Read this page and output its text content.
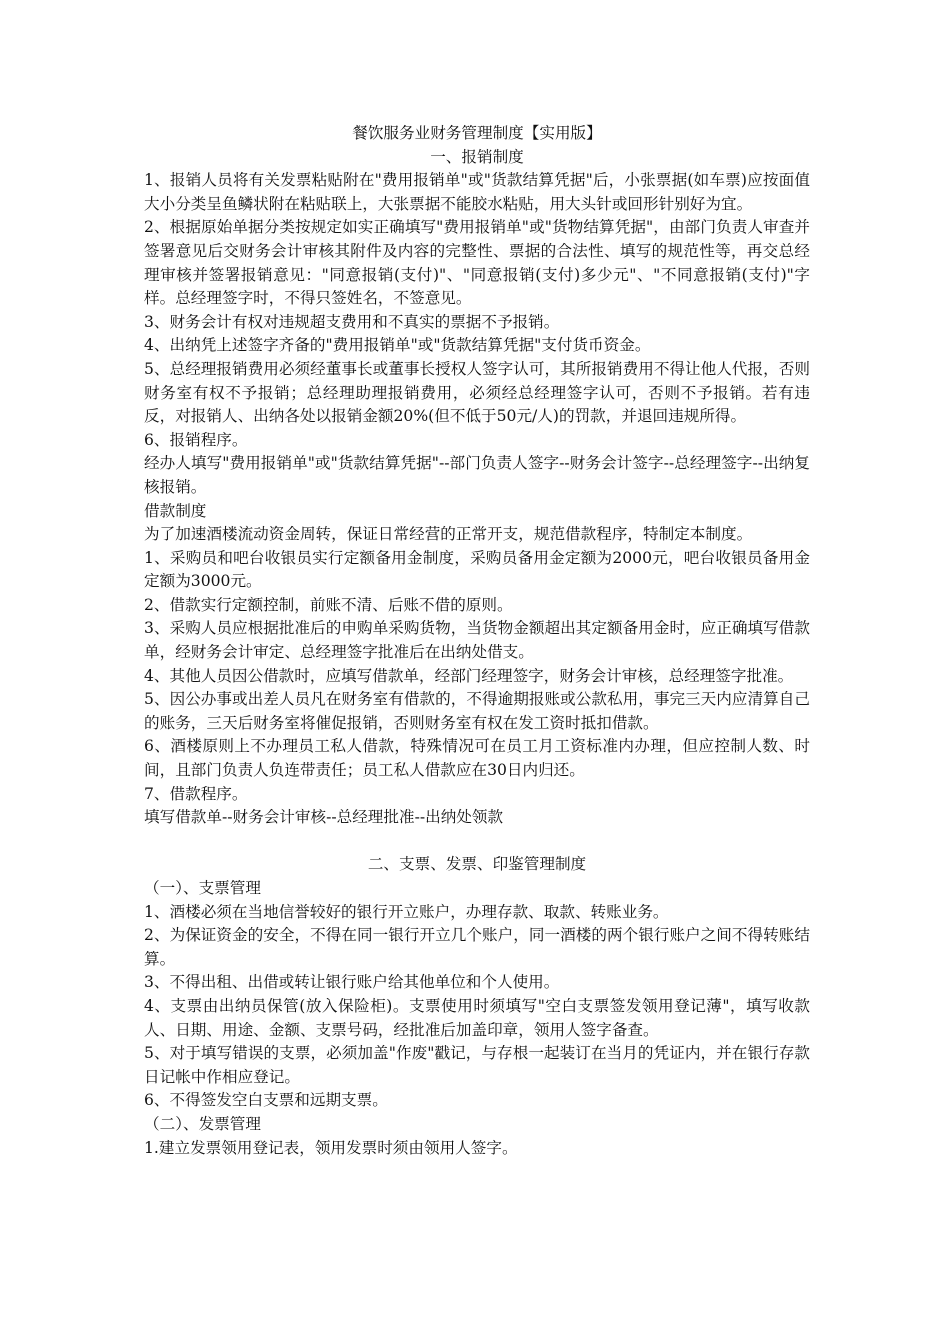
餐饮服务业财务管理制度【实用版】
一、报销制度

1、报销人员将有关发票粘贴附在"费用报销单"或"货款结算凭据"后，小张票据(如车票)应按面值大小分类呈鱼鳞状附在粘贴联上，大张票据不能胶水粘贴，用大头针或回形针别好为宜。

2、根据原始单据分类按规定如实正确填写"费用报销单"或"货物结算凭据"，由部门负责人审查并签署意见后交财务会计审核其附件及内容的完整性、票据的合法性、填写的规范性等，再交总经理审核并签署报销意见："同意报销(支付)"、"同意报销(支付)多少元"、"不同意报销(支付)"字样。总经理签字时，不得只签姓名，不签意见。

3、财务会计有权对违规超支费用和不真实的票据不予报销。

4、出纳凭上述签字齐备的"费用报销单"或"货款结算凭据"支付货币资金。

5、总经理报销费用必须经董事长或董事长授权人签字认可，其所报销费用不得让他人代报，否则财务室有权不予报销；总经理助理报销费用，必须经总经理签字认可，否则不予报销。若有违反，对报销人、出纳各处以报销金额20%(但不低于50元/人)的罚款，并退回违规所得。

6、报销程序。

经办人填写"费用报销单"或"货款结算凭据"--部门负责人签字--财务会计签字--总经理签字--出纳复核报销。

借款制度

为了加速酒楼流动资金周转，保证日常经营的正常开支，规范借款程序，特制定本制度。

1、采购员和吧台收银员实行定额备用金制度，采购员备用金定额为2000元，吧台收银员备用金定额为3000元。

2、借款实行定额控制，前账不清、后账不借的原则。

3、采购人员应根据批准后的申购单采购货物，当货物金额超出其定额备用金时，应正确填写借款单，经财务会计审定、总经理签字批准后在出纳处借支。

4、其他人员因公借款时，应填写借款单，经部门经理签字，财务会计审核，总经理签字批准。

5、因公办事或出差人员凡在财务室有借款的，不得逾期报账或公款私用，事完三天内应清算自己的账务，三天后财务室将催促报销，否则财务室有权在发工资时抵扣借款。

6、酒楼原则上不办理员工私人借款，特殊情况可在员工月工资标准内办理，但应控制人数、时间，且部门负责人负连带责任；员工私人借款应在30日内归还。

7、借款程序。

填写借款单--财务会计审核--总经理批准--出纳处领款

二、支票、发票、印鉴管理制度

（一）、支票管理

1、酒楼必须在当地信誉较好的银行开立账户，办理存款、取款、转账业务。

2、为保证资金的安全，不得在同一银行开立几个账户，同一酒楼的两个银行账户之间不得转账结算。

3、不得出租、出借或转让银行账户给其他单位和个人使用。

4、支票由出纳员保管(放入保险柜)。支票使用时须填写"空白支票签发领用登记薄"，填写收款人、日期、用途、金额、支票号码，经批准后加盖印章，领用人签字备查。

5、对于填写错误的支票，必须加盖"作废"戳记，与存根一起装订在当月的凭证内，并在银行存款日记帐中作相应登记。

6、不得签发空白支票和远期支票。

（二）、发票管理

1.建立发票领用登记表，领用发票时须由领用人签字。
